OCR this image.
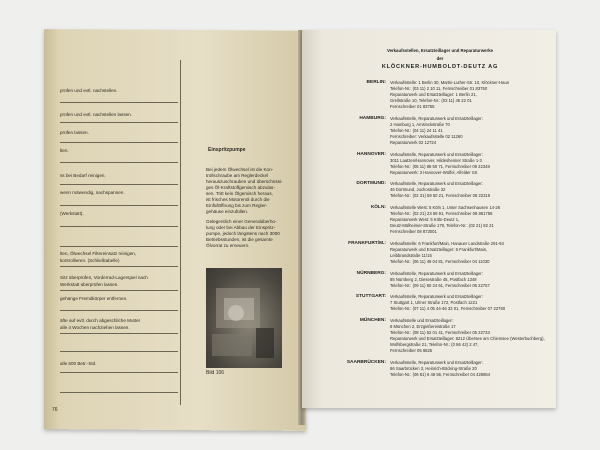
prüfen und evtl. nachstellen.
prüfen und evtl. nachstellen lassen.
prüfen lassen.
lten.
ss bei Bedarf reinigen.
wenn notwendig, nachspannen.
(Werkstatt).
lten, Ölwechsel Filtereinsatz reinigen,
kontrollieren. (Schließtabelle)
Sitz überprüfen, Vorderrad-Lagerspiel nach
Werkstatt überprüfen lassen.
gehänge Fremdkörper entfernen.
äfte auf evtl. durch abgeschliche Mutter
alle 4 Wochen nachziehen lassen.
alle 600 Betr.-Std.
76
Einspritzpumpe
Bei jedem Ölwechsel ist die Kon-
trollschraube am Reglerdeckel
herauszuschrauben und überschüssi-
ges Öl-Kraftstoffgemisch abzulas-
sen. Tritt kein Ölgemisch heraus,
ist frisches Motorenöl durch die
Einfüllöffnung bis zum Regler-
gehäuse einzufüllen.
Gelegentlich einer Generalüberho-
lung oder bei Abbau der Einspritz-
pumpe, jedoch längstens nach 3000
Betriebsstunden, ist die gesamte
Ölvorrat zu erneuern.
Bild 106
Verkaufsstellen, Ersatzteillager und Reparaturwerke
der
KLÖCKNER-HUMBOLDT-DEUTZ AG
BERLIN: Verkaufsstelle: 1 Berlin 30, Martin-Luther-Str. 10, Klöckner-Haus
Telefon-Nr.: (03 11) 2 10 11, Fernschreiber 01 83750
Reparaturwerk und Ersatzteillager: 1 Berlin 21,
Grellstraße 10, Telefon-Nr.: (03 11) 46 22 01
Fernschreiber 01 83765
HAMBURG: Verkaufsstelle, Reparaturwerk und Ersatzteillager:
2 Hamburg 1, Amsinckstraße 70
Telefon-Nr.: (04 11) 24 11 41
Fernschreiber: Verkaufsstelle 02 11260
Reparaturwerk 02 12724
HANNOVER: Verkaufsstelle, Reparaturwerk und Ersatzteillager:
3011 Laatzen/Hannover, Hildesheimer Straße 1-3
Telefon-Nr.: (05 11) 86 50 71, Fernschreiber 09 22348
Reparaturwerk: 3 Hannover-Wülfel, Alfelder Str.
DORTMUND: Verkaufsstelle, Reparaturwerk und Ersatzteillager:
46 Dortmund, Juchostraße 32
Telefon-Nr.: (02 31) 59 50 21, Fernschreiber 08 22316
KÖLN: Verkaufsstelle West: 5 Köln 1, Unter Sachsenhausen 14-26
Telefon-Nr.: (02 21) 23 59 91, Fernschreiber 08 881788
Reparaturwerk West: 5 Köln-Deutz 1,
Deutz-Mülheimer-Straße 179, Telefon-Nr.: (02 21) 82 21
Fernschreiber 08 873001
FRANKFURT/M.: Verkaufsstelle: 6 Frankfurt/Main, Hanauer Landstraße 291-93
Reparaturwerk und Ersatzteillager: 6 Frankfurt/Main,
Leibbrandstraße 11/15
Telefon-Nr.: (06 11) 49 04 81, Fernschreiber 04 11030
NÜRNBERG: Verkaufsstelle, Reparaturwerk und Ersatzteillager:
85 Nürnberg 2, Diesestraße 45, Postfach 1348
Telefon-Nr.: (09 11) 60 24 61, Fernschreiber 06 22757
STUTTGART: Verkaufsstelle, Reparaturwerk und Ersatzteillager:
7 Stuttgart 1, Ulmer Straße 172, Postfach 1221
Telefon-Nr.: (07 11) 4 05 44-46 32 01, Fernschreiber 07 22760
MÜNCHEN: Verkaufsstelle und Ersatzteillager:
8 München 2, Erzgießereistraße 17
Telefon-Nr.: (08 11) 52 01 41, Fernschreiber 05 22733
Reparaturwerk und Ersatzteillager: 8212 Übersee am Chiemsee (Westerbuchberg),
Wolfsbergstraße 21, Telefon-Nr.: (0 86 42) 2 47,
Fernschreiber 05 6825
SAARBRÜCKEN: Verkaufsstelle, Reparaturwerk und Ersatzteillager:
66 Saarbrücken 3, Heinrich-Böcking-Straße 20
Telefon-Nr.: (06 81) 6 48 56, Fernschreiber 04 428864
